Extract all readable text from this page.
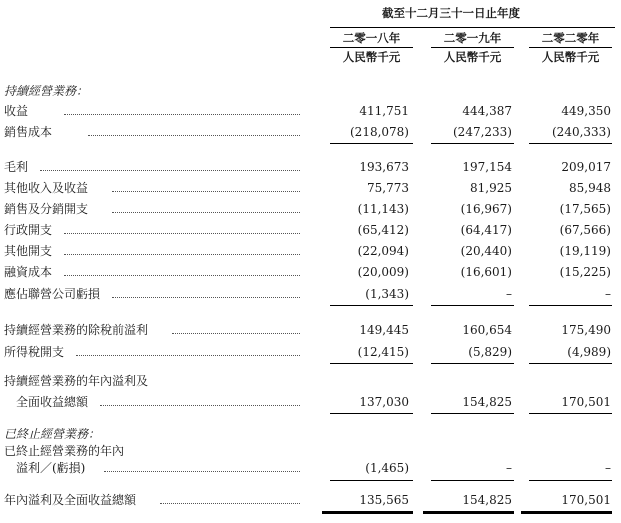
截至十二月三十一日止年度
二零一八年	二零一九年	二零二零年
人民幣千元	人民幣千元	人民幣千元
持續經營業務：
收益	411,751	444,387	449,350
銷售成本	(218,078)	(247,233)	(240,333)
毛利	193,673	197,154	209,017
其他收入及收益	75,773	81,925	85,948
銷售及分銷開支	(11,143)	(16,967)	(17,565)
行政開支	(65,412)	(64,417)	(67,566)
其他開支	(22,094)	(20,440)	(19,119)
融資成本	(20,009)	(16,601)	(15,225)
應佔聯營公司虧損	(1,343)	–	–
持續經營業務的除稅前溢利	149,445	160,654	175,490
所得稅開支	(12,415)	(5,829)	(4,989)
持續經營業務的年內溢利及
全面收益總額	137,030	154,825	170,501
已終止經營業務：
已終止經營業務的年內
溢利／(虧損)	(1,465)	–	–
年內溢利及全面收益總額	135,565	154,825	170,501
